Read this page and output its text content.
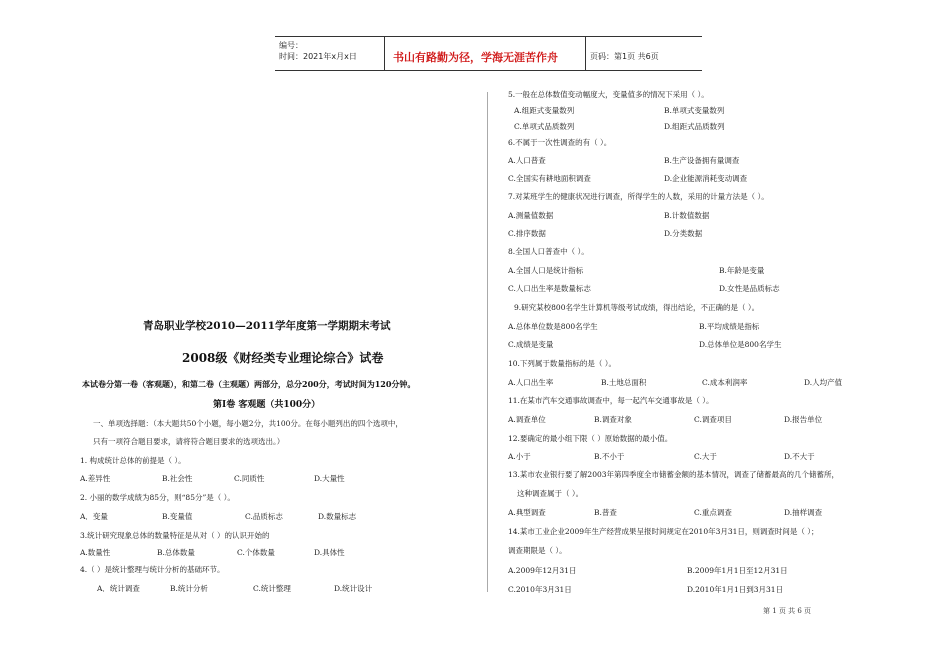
编号：
时间：2021年x月x日	书山有路勤为径，学海无涯苦作舟	页码：第1页 共6页
青岛职业学校2010—2011学年度第一学期期末考试
2008级《财经类专业理论综合》试卷
本试卷分第一卷（客观题），和第二卷（主观题）两部分，总分200分，考试时间为120分钟。
第Ⅰ卷 客观题（共100分）
一、单项选择题：（本大题共50个小题，每小题2分，共100分。在每小题列出的四个选项中，
只有一项符合题目要求，请将符合题目要求的选项选出。）
1. 构成统计总体的前提是（ ）。
A.差异性	B.社会性	C.同质性	D.大量性
2. 小丽的数学成绩为85分，则“85分”是（ ）。
A．变量	B.变量值	C.品质标志	D.数量标志
3.统计研究现象总体的数量特征是从对（ ）的认识开始的
A.数量性	B.总体数量	C.个体数量	D.具体性
4.（ ）是统计整理与统计分析的基础环节。
A．统计调查	B.统计分析	C.统计整理	D.统计设计
5.一般在总体数值变动幅度大，变量值多的情况下采用（ ）。
A.组距式变量数列	B.单项式变量数列
C.单项式品质数列	D.组距式品质数列
6.不属于一次性调查的有（ ）。
A.人口普查	B.生产设备拥有量调查
C.全国实有耕地面积调查	D.企业能源消耗变动调查
7.对某班学生的健康状况进行调查，所得学生的人数，采用的计量方法是（ ）。
A.测量值数据	B.计数值数据
C.排序数据	D.分类数据
8.全国人口普查中（ ）。
A.全国人口是统计指标	B.年龄是变量
C.人口出生率是数量标志	D.女性是品质标志
9.研究某校800名学生计算机等级考试成绩，得出结论，不正确的是（ ）。
A.总体单位数是800名学生	B.平均成绩是指标
C.成绩是变量	D.总体单位是800名学生
10.下列属于数量指标的是（ ）。
A.人口出生率	B.土地总面积	C.成本利润率	D.人均产值
11.在某市汽车交通事故调查中，每一起汽车交通事故是（ ）。
A.调查单位	B.调查对象	C.调查项目	D.报告单位
12.要确定的最小组下限（ ）原始数据的最小值。
A.小于	B.不小于	C.大于	D.不大于
13.某市农业银行要了解2003年第四季度全市储蓄金额的基本情况，调查了储蓄最高的几个储蓄所，
这种调查属于（ ）。
A.典型调查	B.普查	C.重点调查	D.抽样调查
14.某市工业企业2009年生产经营成果呈报时间规定在2010年3月31日，则调查时间是（ ）；
调查期限是（ ）。
A.2009年12月31日	B.2009年1月1日至12月31日
C.2010年3月31日	D.2010年1月1日到3月31日
第 1 页 共 6 页
